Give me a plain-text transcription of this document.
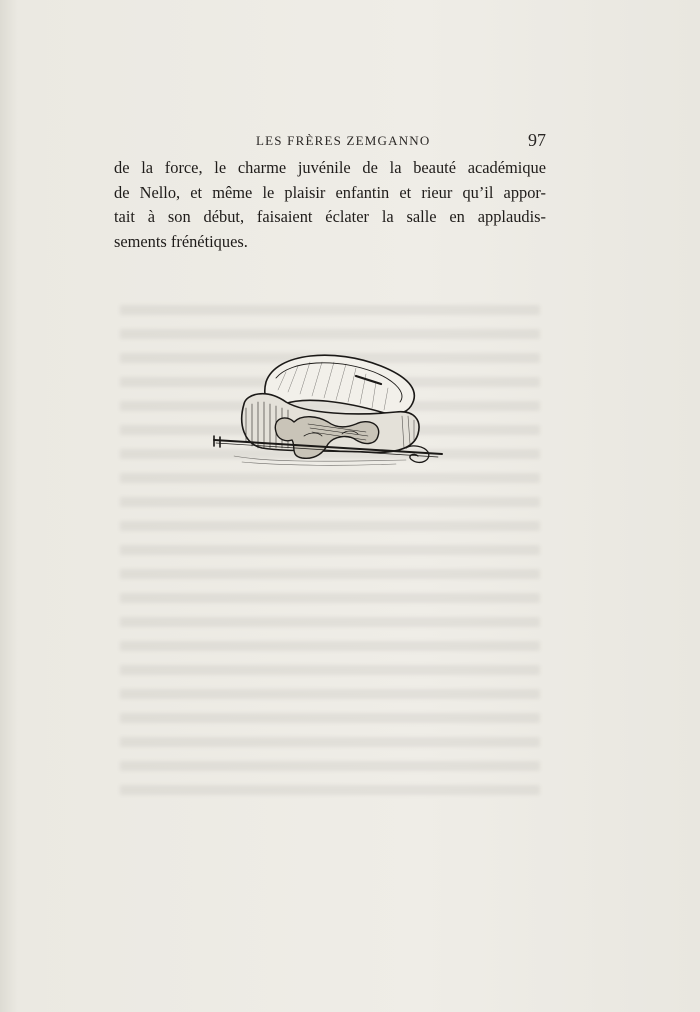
LES FRÈRES ZEMGANNO	97
de la force, le charme juvénile de la beauté académique
de Nello, et même le plaisir enfantin et rieur qu’il appor-
tait à son début, faisaient éclater la salle en applaudis-
sements frénétiques.
